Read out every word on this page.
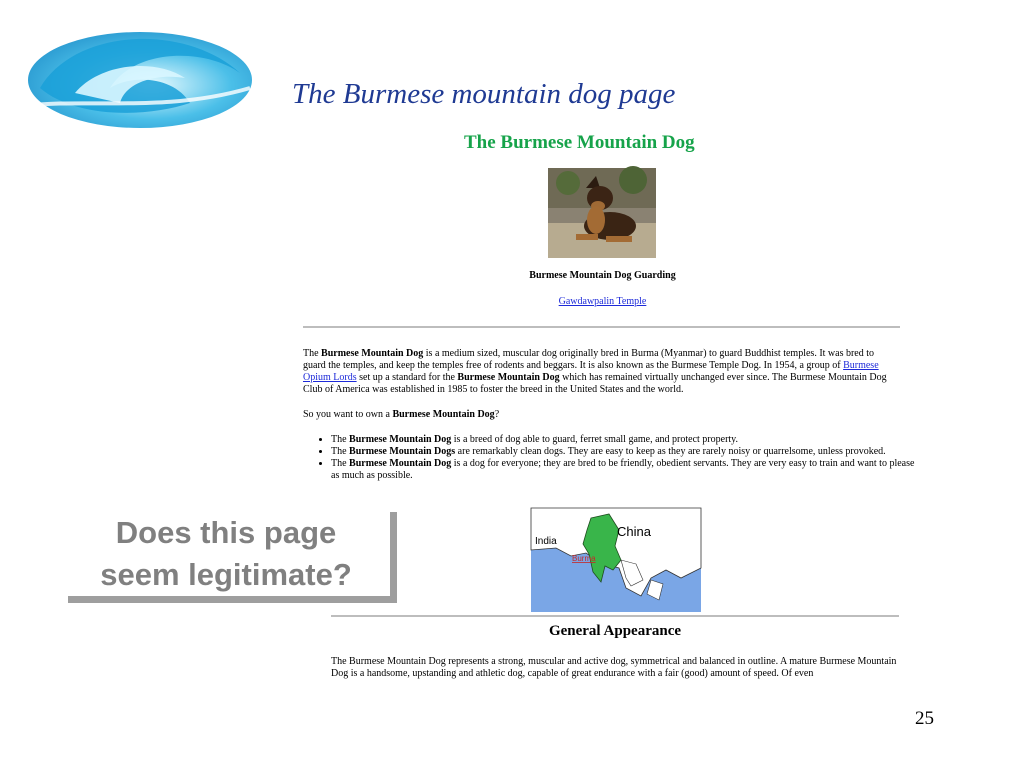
The Burmese mountain dog page
The Burmese Mountain Dog
Burmese Mountain Dog Guarding
Gawdawpalin Temple
The Burmese Mountain Dog is a medium sized, muscular dog originally bred in Burma (Myanmar) to guard Buddhist temples. It was bred to guard the temples, and keep the temples free of rodents and beggars. It is also known as the Burmese Temple Dog. In 1954, a group of Burmese Opium Lords set up a standard for the Burmese Mountain Dog which has remained virtually unchanged ever since. The Burmese Mountain Dog Club of America was established in 1985 to foster the breed in the United States and the world.
So you want to own a Burmese Mountain Dog?
• The Burmese Mountain Dog is a breed of dog able to guard, ferret small game, and protect property.
• The Burmese Mountain Dogs are remarkably clean dogs. They are easy to keep as they are rarely noisy or quarrelsome, unless provoked.
• The Burmese Mountain Dog is a dog for everyone; they are bred to be friendly, obedient servants. They are very easy to train and want to please as much as possible.
India
China
Burma
General Appearance
The Burmese Mountain Dog represents a strong, muscular and active dog, symmetrical and balanced in outline. A mature Burmese Mountain Dog is a handsome, upstanding and athletic dog, capable of great endurance with a fair (good) amount of speed. Of even
Does this page
seem legitimate?
25
